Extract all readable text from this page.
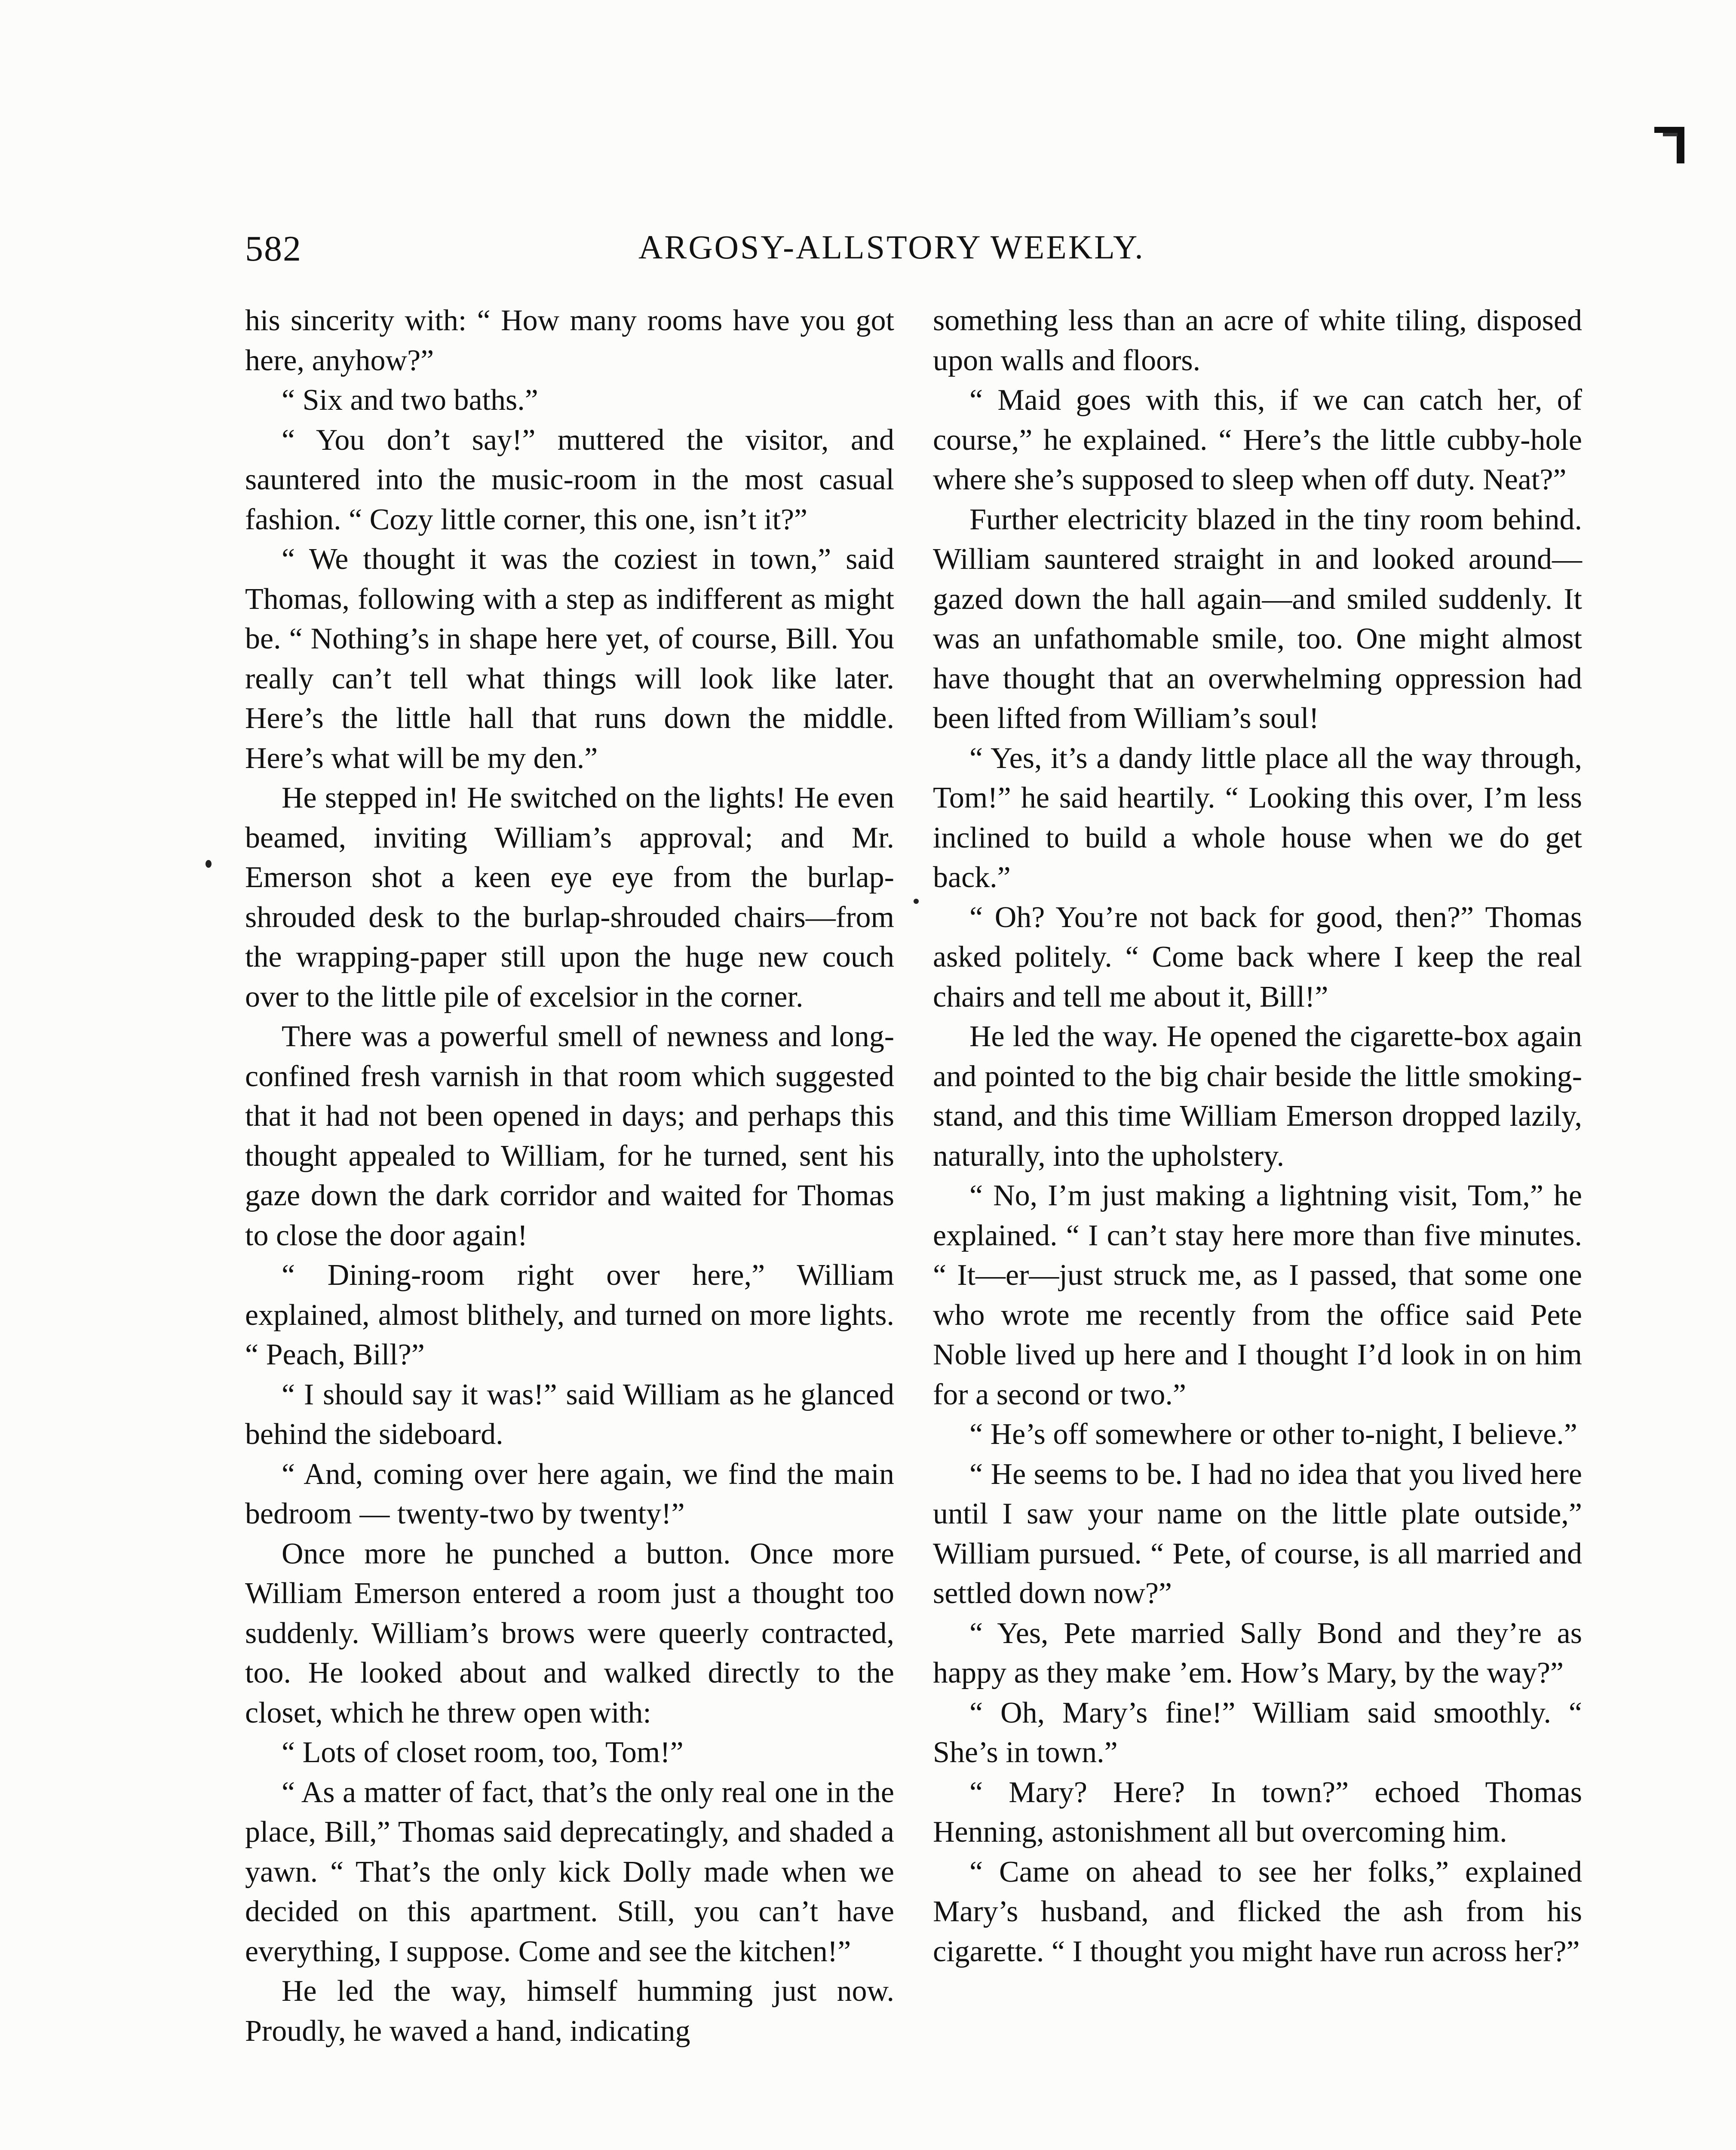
582	ARGOSY-ALLSTORY WEEKLY.

his sincerity with: “ How many rooms have you got here, anyhow?”

“ Six and two baths.”

“ You don’t say!” muttered the visitor, and sauntered into the music-room in the most casual fashion. “ Cozy little corner, this one, isn’t it?”

“ We thought it was the coziest in town,” said Thomas, following with a step as indifferent as might be. “ Nothing’s in shape here yet, of course, Bill. You really can’t tell what things will look like later. Here’s the little hall that runs down the middle. Here’s what will be my den.”

He stepped in! He switched on the lights! He even beamed, inviting William’s approval; and Mr. Emerson shot a keen eye eye from the burlap-shrouded desk to the burlap-shrouded chairs—from the wrapping-paper still upon the huge new couch over to the little pile of excelsior in the corner.

There was a powerful smell of newness and long-confined fresh varnish in that room which suggested that it had not been opened in days; and perhaps this thought appealed to William, for he turned, sent his gaze down the dark corridor and waited for Thomas to close the door again!

“ Dining-room right over here,” William explained, almost blithely, and turned on more lights. “ Peach, Bill?”

“ I should say it was!” said William as he glanced behind the sideboard.

“ And, coming over here again, we find the main bedroom — twenty-two by twenty!”

Once more he punched a button. Once more William Emerson entered a room just a thought too suddenly. William’s brows were queerly contracted, too. He looked about and walked directly to the closet, which he threw open with:

“ Lots of closet room, too, Tom!”

“ As a matter of fact, that’s the only real one in the place, Bill,” Thomas said deprecatingly, and shaded a yawn. “ That’s the only kick Dolly made when we decided on this apartment. Still, you can’t have everything, I suppose. Come and see the kitchen!”

He led the way, himself humming just now. Proudly, he waved a hand, indicating

something less than an acre of white tiling, disposed upon walls and floors.

“ Maid goes with this, if we can catch her, of course,” he explained. “ Here’s the little cubby-hole where she’s supposed to sleep when off duty. Neat?”

Further electricity blazed in the tiny room behind. William sauntered straight in and looked around—gazed down the hall again—and smiled suddenly. It was an unfathomable smile, too. One might almost have thought that an overwhelming oppression had been lifted from William’s soul!

“ Yes, it’s a dandy little place all the way through, Tom!” he said heartily. “ Looking this over, I’m less inclined to build a whole house when we do get back.”

“ Oh? You’re not back for good, then?” Thomas asked politely. “ Come back where I keep the real chairs and tell me about it, Bill!”

He led the way. He opened the cigarette-box again and pointed to the big chair beside the little smoking-stand, and this time William Emerson dropped lazily, naturally, into the upholstery.

“ No, I’m just making a lightning visit, Tom,” he explained. “ I can’t stay here more than five minutes. “ It—er—just struck me, as I passed, that some one who wrote me recently from the office said Pete Noble lived up here and I thought I’d look in on him for a second or two.”

“ He’s off somewhere or other to-night, I believe.”

“ He seems to be. I had no idea that you lived here until I saw your name on the little plate outside,” William pursued. “ Pete, of course, is all married and settled down now?”

“ Yes, Pete married Sally Bond and they’re as happy as they make ’em. How’s Mary, by the way?”

“ Oh, Mary’s fine!” William said smoothly. “ She’s in town.”

“ Mary? Here? In town?” echoed Thomas Henning, astonishment all but overcoming him.

“ Came on ahead to see her folks,” explained Mary’s husband, and flicked the ash from his cigarette. “ I thought you might have run across her?”
